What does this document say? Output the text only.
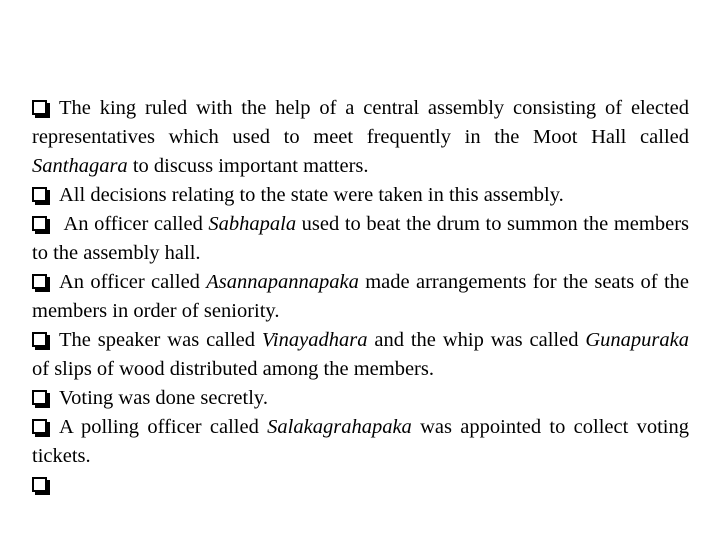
The king ruled with the help of a central assembly consisting of elected representatives which used to meet frequently in the Moot Hall called Santhagara to discuss important matters.

All decisions relating to the state were taken in this assembly.

An officer called Sabhapala used to beat the drum to summon the members to the assembly hall.

An officer called Asannapannapaka made arrangements for the seats of the members in order of seniority.

The speaker was called Vinayadhara and the whip was called Gunapuraka of slips of wood distributed among the members.

Voting was done secretly.

A polling officer called Salakagrahapaka was appointed to collect voting tickets.
